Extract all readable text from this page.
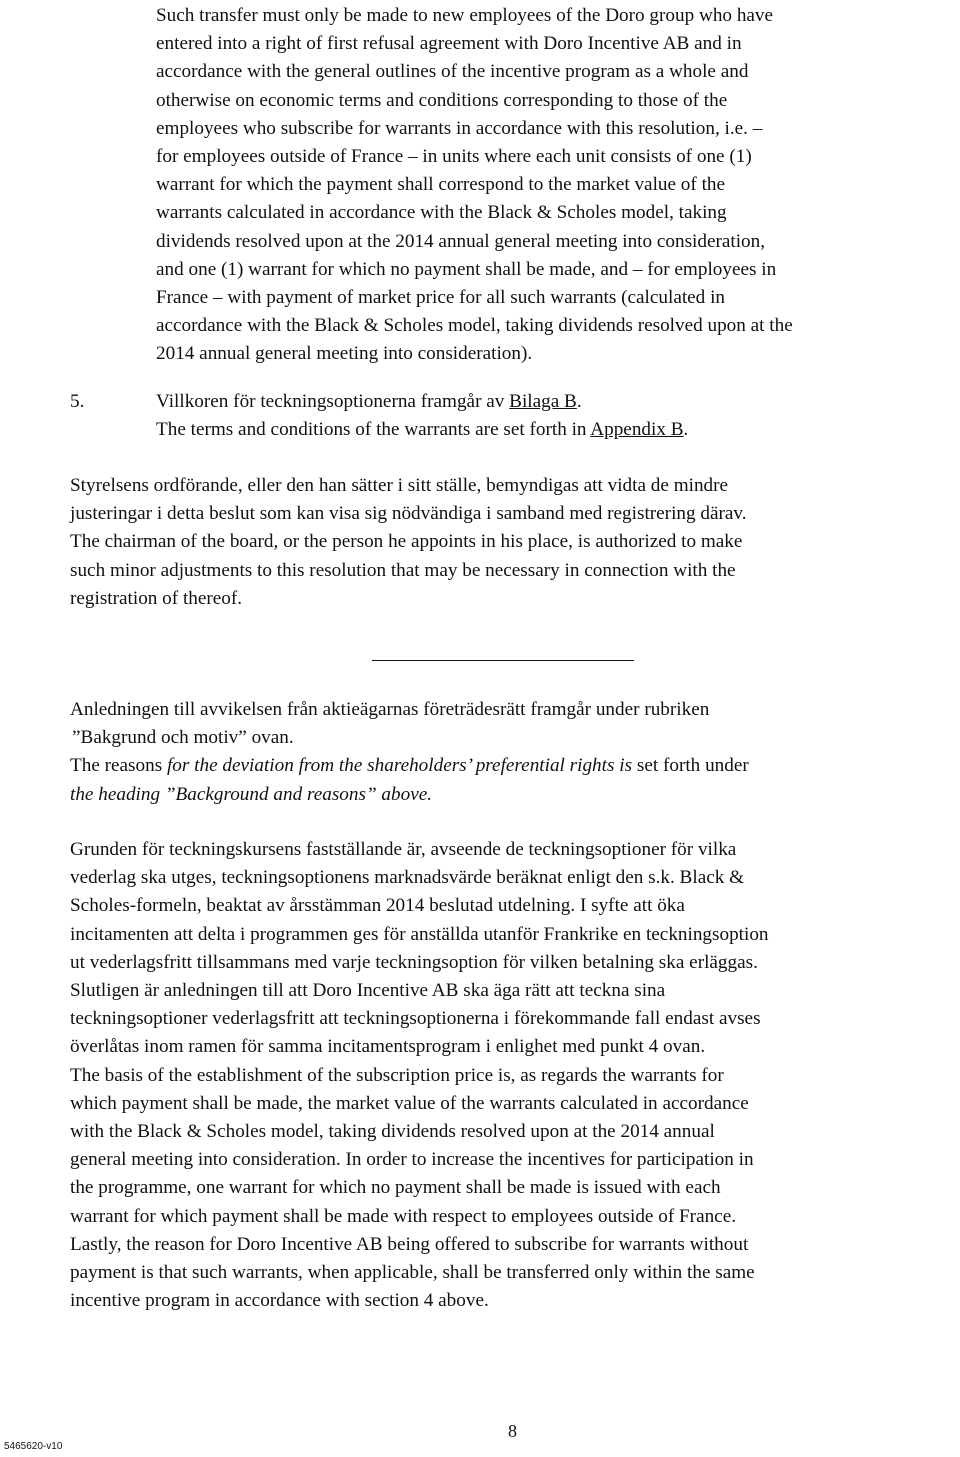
Such transfer must only be made to new employees of the Doro group who have
entered into a right of first refusal agreement with Doro Incentive AB and in
accordance with the general outlines of the incentive program as a whole and
otherwise on economic terms and conditions corresponding to those of the
employees who subscribe for warrants in accordance with this resolution, i.e. –
for employees outside of France – in units where each unit consists of one (1)
warrant for which the payment shall correspond to the market value of the
warrants calculated in accordance with the Black & Scholes model, taking
dividends resolved upon at the 2014 annual general meeting into consideration,
and one (1) warrant for which no payment shall be made, and – for employees in
France – with payment of market price for all such warrants (calculated in
accordance with the Black & Scholes model, taking dividends resolved upon at the
2014 annual general meeting into consideration).
5.	Villkoren för teckningsoptionerna framgår av Bilaga B.
The terms and conditions of the warrants are set forth in Appendix B.
Styrelsens ordförande, eller den han sätter i sitt ställe, bemyndigas att vidta de mindre
justeringar i detta beslut som kan visa sig nödvändiga i samband med registrering därav.
The chairman of the board, or the person he appoints in his place, is authorized to make
such minor adjustments to this resolution that may be necessary in connection with the
registration of thereof.
Anledningen till avvikelsen från aktieägarnas företrädesrätt framgår under rubriken
”Bakgrund och motiv” ovan.
The reasons for the deviation from the shareholders’ preferential rights is set forth under
the heading ”Background and reasons” above.
Grunden för teckningskursens fastställande är, avseende de teckningsoptioner för vilka
vederlag ska utges, teckningsoptionens marknadsvärde beräknat enligt den s.k. Black &
Scholes-formeln, beaktat av årsstämman 2014 beslutad utdelning. I syfte att öka
incitamenten att delta i programmen ges för anställda utanför Frankrike en teckningsoption
ut vederlagsfritt tillsammans med varje teckningsoption för vilken betalning ska erläggas.
Slutligen är anledningen till att Doro Incentive AB ska äga rätt att teckna sina
teckningsoptioner vederlagsfritt att teckningsoptionerna i förekommande fall endast avses
överlåtas inom ramen för samma incitamentsprogram i enlighet med punkt 4 ovan.
The basis of the establishment of the subscription price is, as regards the warrants for
which payment shall be made, the market value of the warrants calculated in accordance
with the Black & Scholes model, taking dividends resolved upon at the 2014 annual
general meeting into consideration. In order to increase the incentives for participation in
the programme, one warrant for which no payment shall be made is issued with each
warrant for which payment shall be made with respect to employees outside of France.
Lastly, the reason for Doro Incentive AB being offered to subscribe for warrants without
payment is that such warrants, when applicable, shall be transferred only within the same
incentive program in accordance with section 4 above.
8
5465620-v10
